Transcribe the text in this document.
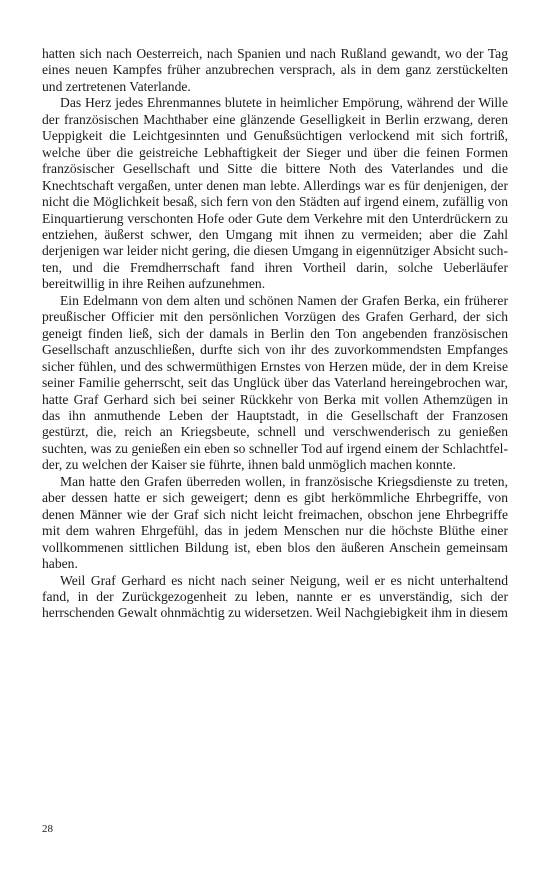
hatten sich nach Oesterreich, nach Spanien und nach Rußland gewandt, wo der Tag eines neuen Kampfes früher anzubrechen versprach, als in dem ganz zerstückelten und zertretenen Vaterlande.

Das Herz jedes Ehrenmannes blutete in heimlicher Empörung, während der Wille der französischen Machthaber eine glänzende Geselligkeit in Berlin erzwang, deren Ueppigkeit die Leichtgesinnten und Genußsüchtigen verlockend mit sich fortriß, welche über die geistreiche Lebhaftigkeit der Sieger und über die feinen Formen französischer Gesellschaft und Sitte die bittere Noth des Vaterlandes und die Knechtschaft vergaßen, unter denen man lebte. Allerdings war es für denjenigen, der nicht die Möglichkeit besaß, sich fern von den Städten auf irgend einem, zufällig von Einquartierung verschonten Hofe oder Gute dem Verkehre mit den Unterdrückern zu entziehen, äußerst schwer, den Umgang mit ihnen zu vermeiden; aber die Zahl derjenigen war leider nicht gering, die diesen Umgang in eigennütziger Absicht suchten, und die Fremdherrschaft fand ihren Vortheil darin, solche Ueberläufer bereitwillig in ihre Reihen aufzunehmen.

Ein Edelmann von dem alten und schönen Namen der Grafen Berka, ein früherer preußischer Officier mit den persönlichen Vorzügen des Grafen Gerhard, der sich geneigt finden ließ, sich der damals in Berlin den Ton angebenden französischen Gesellschaft anzuschließen, durfte sich von ihr des zuvorkommendsten Empfanges sicher fühlen, und des schwermüthigen Ernstes von Herzen müde, der in dem Kreise seiner Familie geherrscht, seit das Unglück über das Vaterland hereingebrochen war, hatte Graf Gerhard sich bei seiner Rückkehr von Berka mit vollen Athemzügen in das ihn anmuthende Leben der Hauptstadt, in die Gesellschaft der Franzosen gestürzt, die, reich an Kriegsbeute, schnell und verschwenderisch zu genießen suchten, was zu genießen ein eben so schneller Tod auf irgend einem der Schlachtfelder, zu welchen der Kaiser sie führte, ihnen bald unmöglich machen konnte.

Man hatte den Grafen überreden wollen, in französische Kriegsdienste zu treten, aber dessen hatte er sich geweigert; denn es gibt herkömmliche Ehrbegriffe, von denen Männer wie der Graf sich nicht leicht freimachen, obschon jene Ehrbegriffe mit dem wahren Ehrgefühl, das in jedem Menschen nur die höchste Blüthe einer vollkommenen sittlichen Bildung ist, eben blos den äußeren Anschein gemeinsam haben.

Weil Graf Gerhard es nicht nach seiner Neigung, weil er es nicht unterhaltend fand, in der Zurückgezogenheit zu leben, nannte er es unverständig, sich der herrschenden Gewalt ohnmächtig zu widersetzen. Weil Nachgiebigkeit ihm in diesem

28
